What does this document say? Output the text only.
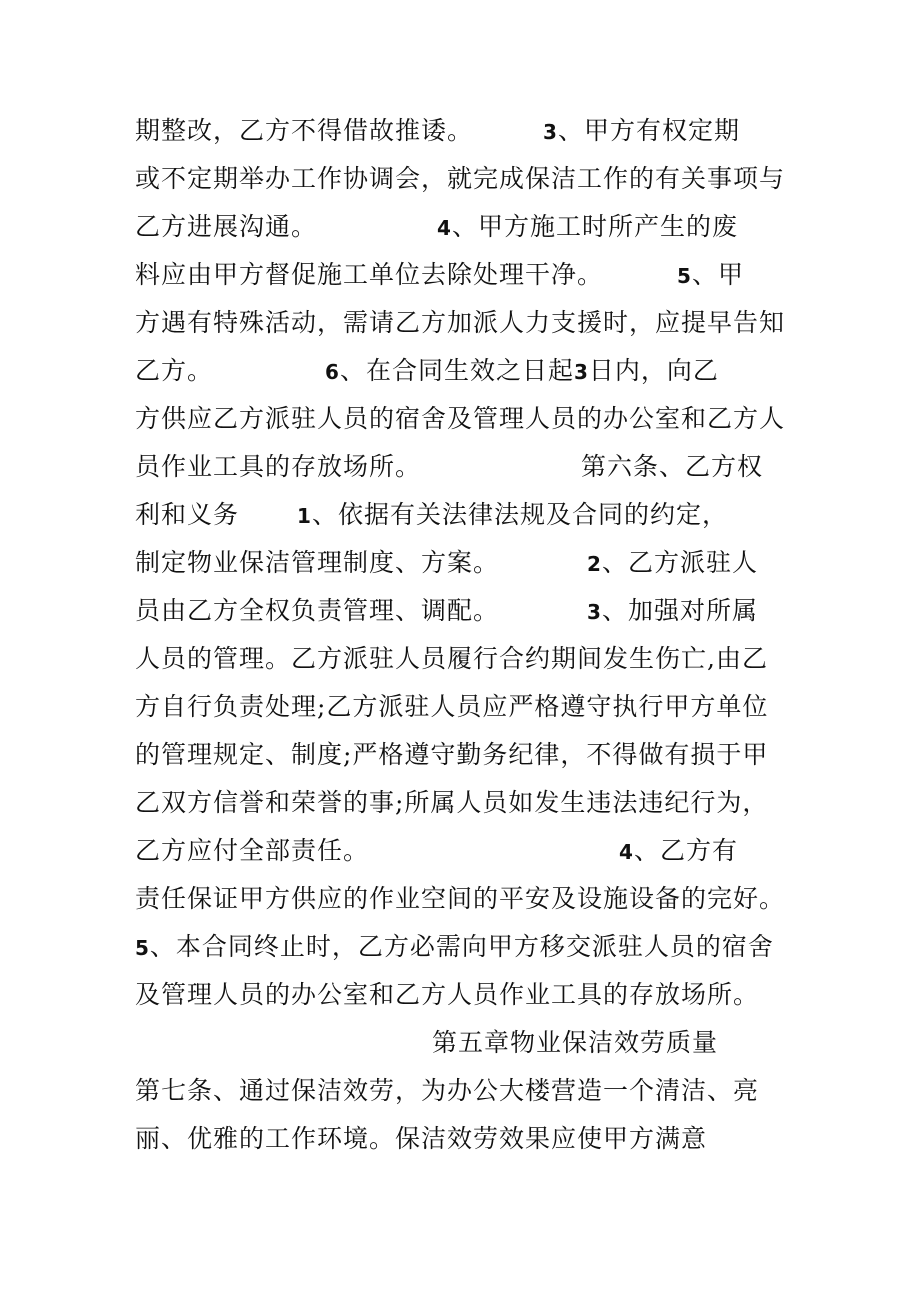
期整改，乙方不得借故推诿。	3、甲方有权定期
或不定期举办工作协调会，就完成保洁工作的有关事项与
乙方进展沟通。	4、甲方施工时所产生的废
料应由甲方督促施工单位去除处理干净。	5、甲
方遇有特殊活动，需请乙方加派人力支援时，应提早告知
乙方。	6、在合同生效之日起3日内，向乙
方供应乙方派驻人员的宿舍及管理人员的办公室和乙方人
员作业工具的存放场所。	第六条、乙方权
利和义务	1、依据有关法律法规及合同的约定，
制定物业保洁管理制度、方案。	2、乙方派驻人
员由乙方全权负责管理、调配。	3、加强对所属
人员的管理。乙方派驻人员履行合约期间发生伤亡,由乙
方自行负责处理;乙方派驻人员应严格遵守执行甲方单位
的管理规定、制度;严格遵守勤务纪律，不得做有损于甲
乙双方信誉和荣誉的事;所属人员如发生违法违纪行为，
乙方应付全部责任。	4、乙方有
责任保证甲方供应的作业空间的平安及设施设备的完好。
5、本合同终止时，乙方必需向甲方移交派驻人员的宿舍
及管理人员的办公室和乙方人员作业工具的存放场所。
第五章物业保洁效劳质量
第七条、通过保洁效劳，为办公大楼营造一个清洁、亮
丽、优雅的工作环境。保洁效劳效果应使甲方满意
